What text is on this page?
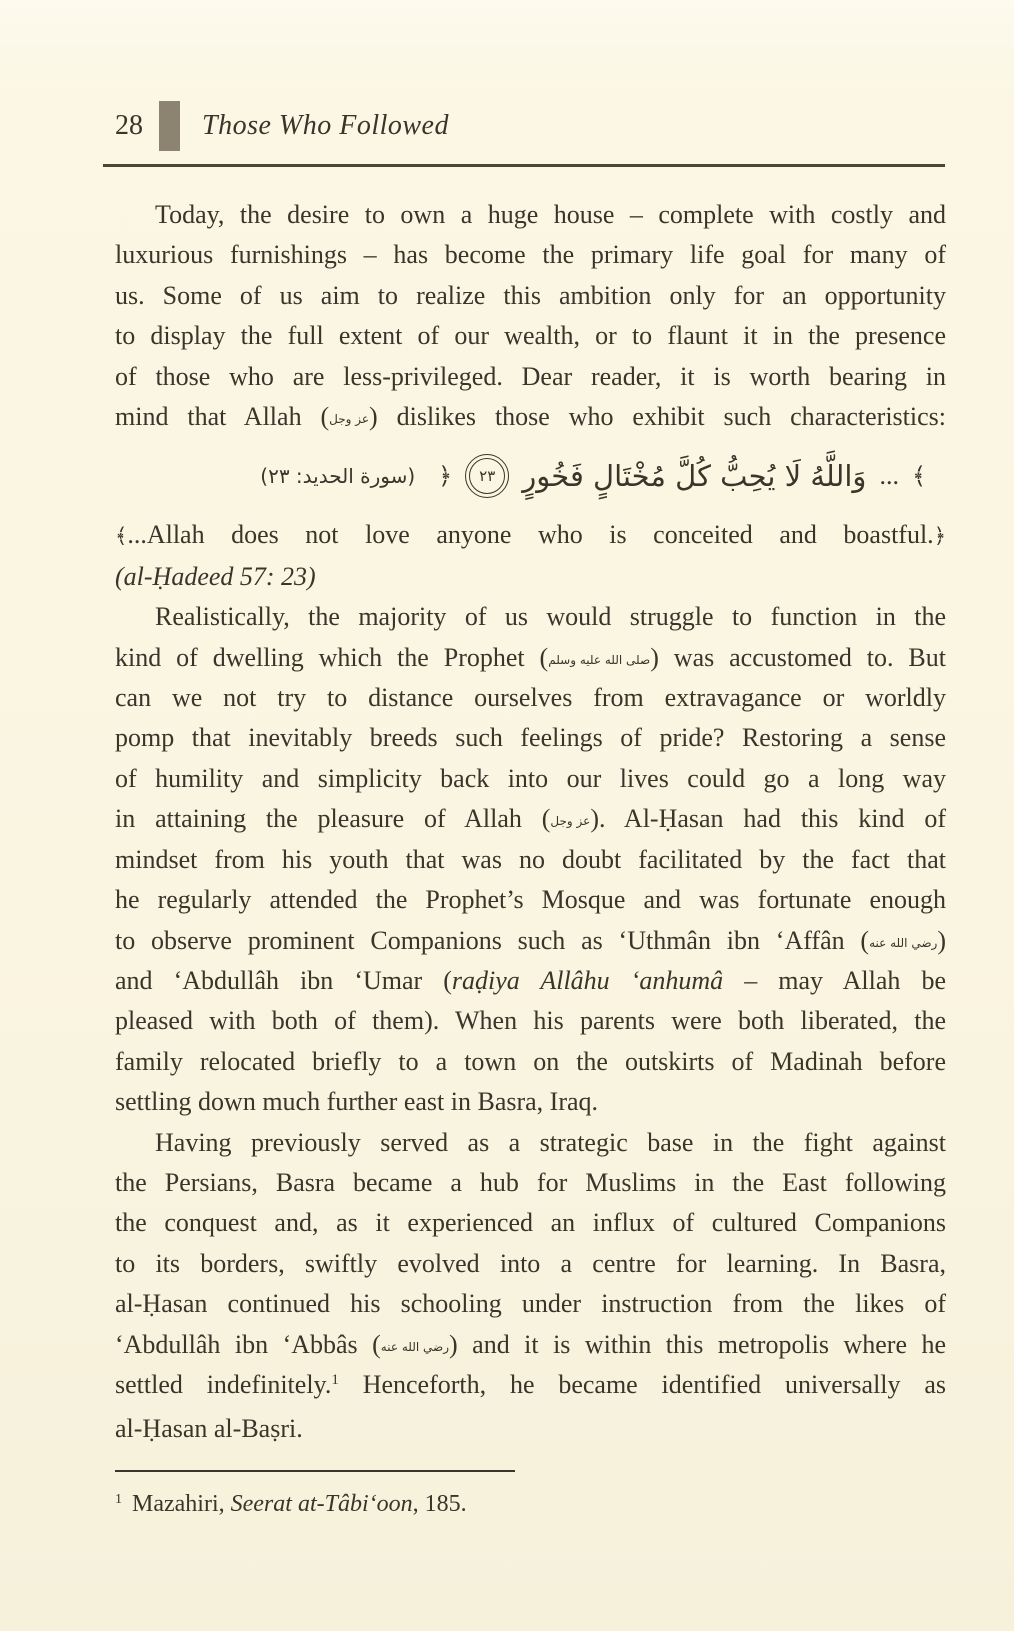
28 Those Who Followed
Today, the desire to own a huge house – complete with costly and
luxurious furnishings – has become the primary life goal for many of
us. Some of us aim to realize this ambition only for an opportunity
to display the full extent of our wealth, or to flaunt it in the presence
of those who are less-privileged. Dear reader, it is worth bearing in
mind that Allah (عز وجل) dislikes those who exhibit such characteristics:
(سورة الحديد: ٢٣) ﴿	٢٣ وَاللَّهُ لَا يُحِبُّ كُلَّ مُخْتَالٍ فَخُورٍ ... ﴾
﴾...Allah does not love anyone who is conceited and boastful.﴿
(al-Ḥadeed 57: 23)
Realistically, the majority of us would struggle to function in the
kind of dwelling which the Prophet (صلى الله عليه وسلم) was accustomed to. But
can we not try to distance ourselves from extravagance or worldly
pomp that inevitably breeds such feelings of pride? Restoring a sense
of humility and simplicity back into our lives could go a long way
in attaining the pleasure of Allah (عز وجل). Al-Ḥasan had this kind of
mindset from his youth that was no doubt facilitated by the fact that
he regularly attended the Prophet’s Mosque and was fortunate enough
to observe prominent Companions such as ‘Uthmân ibn ‘Affân (رضي الله عنه)
and ‘Abdullâh ibn ‘Umar (raḍiya Allâhu ‘anhumâ – may Allah be
pleased with both of them). When his parents were both liberated, the
family relocated briefly to a town on the outskirts of Madinah before
settling down much further east in Basra, Iraq.
Having previously served as a strategic base in the fight against
the Persians, Basra became a hub for Muslims in the East following
the conquest and, as it experienced an influx of cultured Companions
to its borders, swiftly evolved into a centre for learning. In Basra,
al-Ḥasan continued his schooling under instruction from the likes of
‘Abdullâh ibn ‘Abbâs (رضي الله عنه) and it is within this metropolis where he
settled indefinitely.$^1$ Henceforth, he became identified universally as
al-Ḥasan al-Baṣri.
$^1$ Mazahiri, Seerat at-Tâbi‘oon, 185.
